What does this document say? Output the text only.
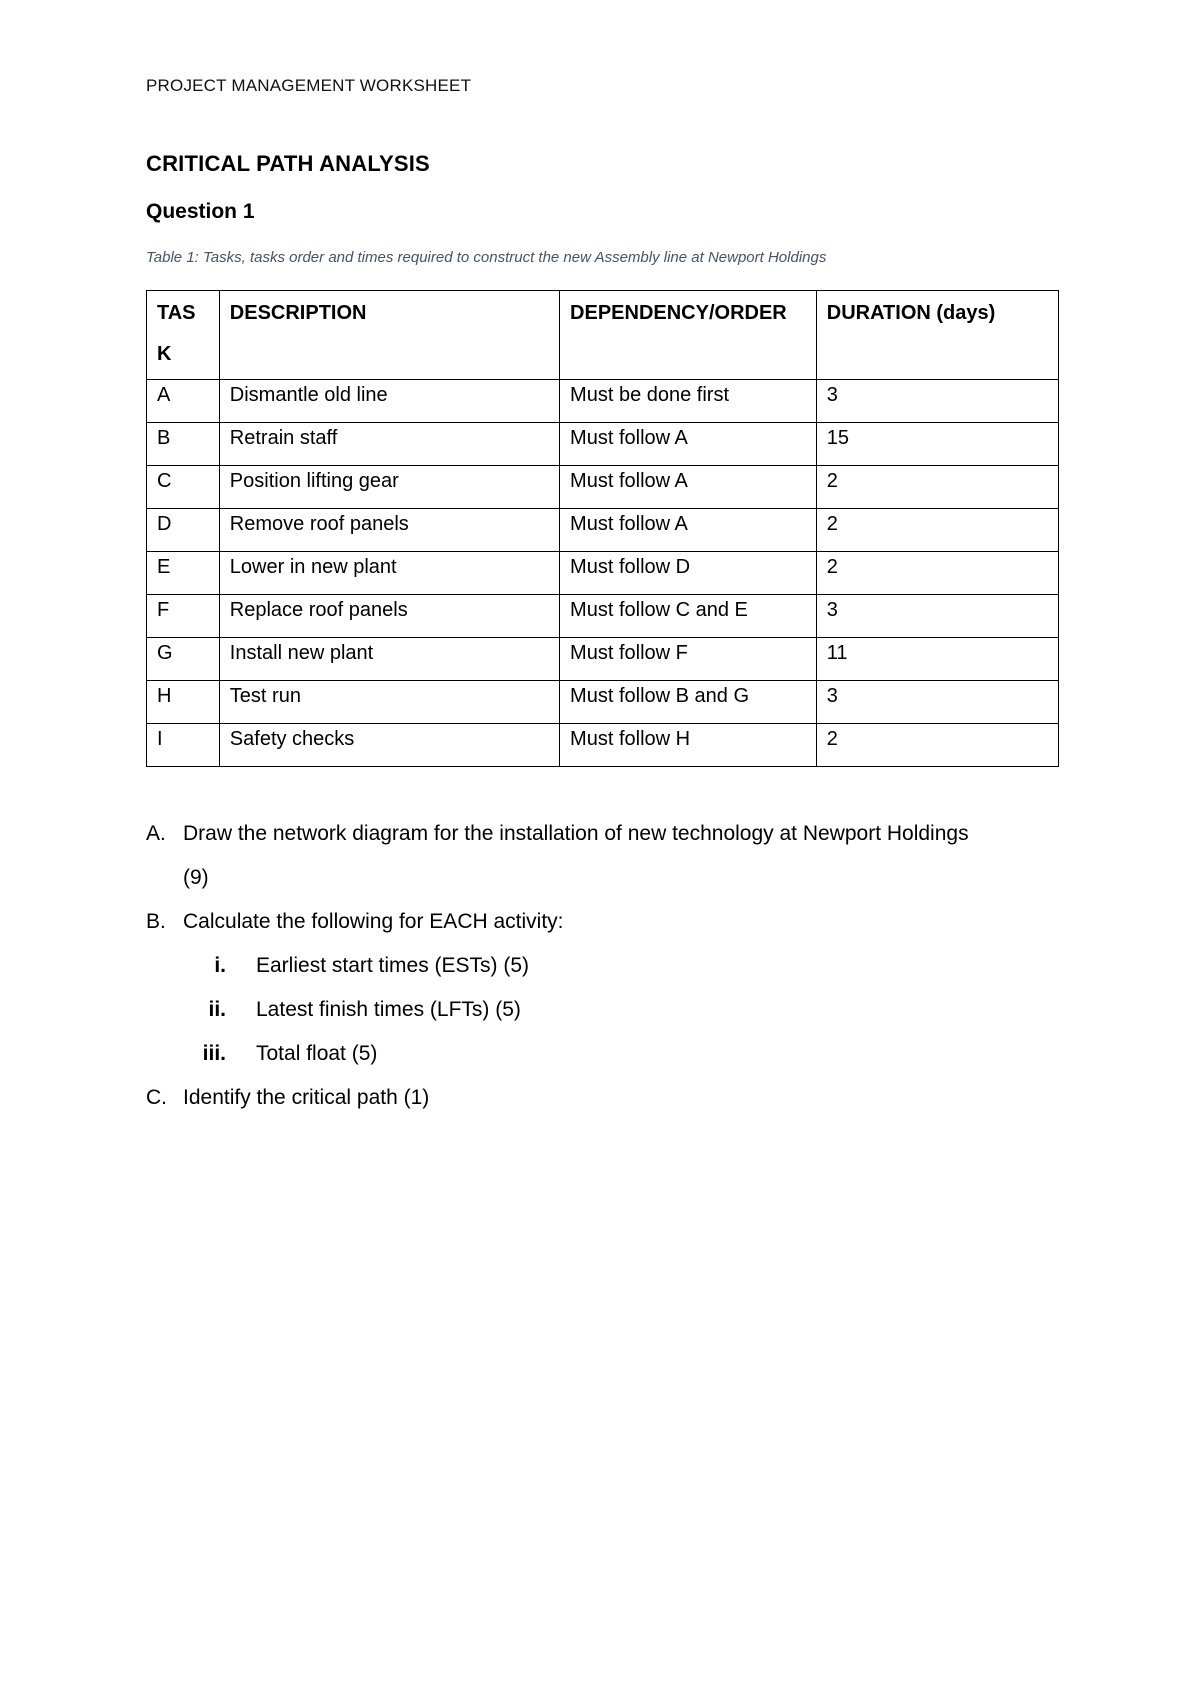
PROJECT MANAGEMENT WORKSHEET
CRITICAL PATH ANALYSIS
Question 1
Table 1: Tasks, tasks order and times required to construct the new Assembly line at Newport Holdings
TAS
K	DESCRIPTION	DEPENDENCY/ORDER	DURATION (days)
A	Dismantle old line	Must be done first	3
B	Retrain staff	Must follow A	15
C	Position lifting gear	Must follow A	2
D	Remove roof panels	Must follow A	2
E	Lower in new plant	Must follow D	2
F	Replace roof panels	Must follow C and E	3
G	Install new plant	Must follow F	11
H	Test run	Must follow B and G	3
I	Safety checks	Must follow H	2
A. Draw the network diagram for the installation of new technology at Newport Holdings
(9)
B. Calculate the following for EACH activity:
i. Earliest start times (ESTs) (5)
ii. Latest finish times (LFTs) (5)
iii. Total float (5)
C. Identify the critical path (1)
